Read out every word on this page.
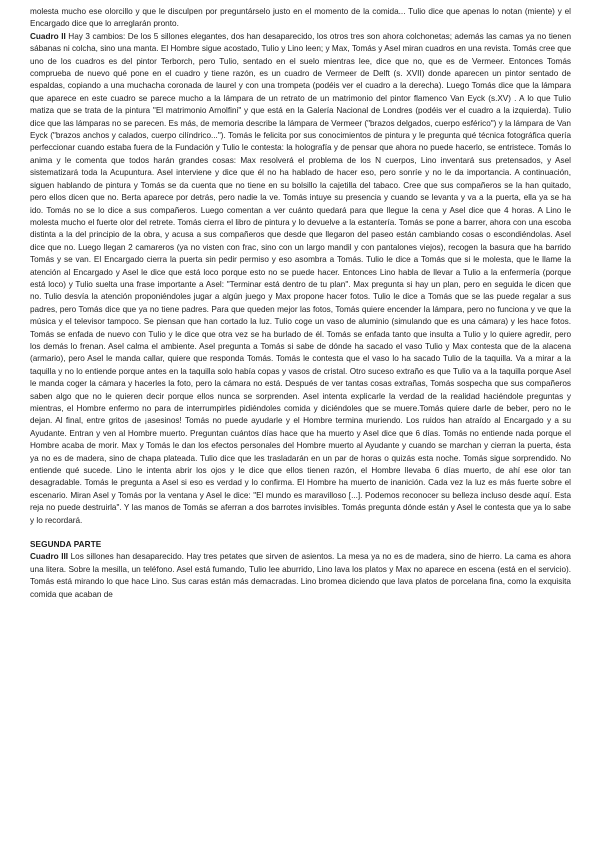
molesta mucho ese olorcillo y que le disculpen por preguntárselo justo en el momento de la comida... Tulio dice que apenas lo notan (miente) y el Encargado dice que lo arreglarán pronto.

Cuadro II Hay 3 cambios: De los 5 sillones elegantes, dos han desaparecido, los otros tres son ahora colchonetas; además las camas ya no tienen sábanas ni colcha, sino una manta. El Hombre sigue acostado, Tulio y Lino leen; y Max, Tomás y Asel miran cuadros en una revista. Tomás cree que uno de los cuadros es del pintor Terborch, pero Tulio, sentado en el suelo mientras lee, dice que no, que es de Vermeer. Entonces Tomás comprueba de nuevo qué pone en el cuadro y tiene razón, es un cuadro de Vermeer de Delft (s. XVII) donde aparecen un pintor sentado de espaldas, copiando a una muchacha coronada de laurel y con una trompeta (podéis ver el cuadro a la derecha). Luego Tomás dice que la lámpara que aparece en este cuadro se parece mucho a la lámpara de un retrato de un matrimonio del pintor flamenco Van Eyck (s.XV) . A lo que Tulio matiza que se trata de la pintura "El matrimonio Arnolfini" y que está en la Galería Nacional de Londres (podéis ver el cuadro a la izquierda). Tulio dice que las lámparas no se parecen. Es más, de memoria describe la lámpara de Vermeer ("brazos delgados, cuerpo esférico") y la lámpara de Van Eyck ("brazos anchos y calados, cuerpo cilíndrico..."). Tomás le felicita por sus conocimientos de pintura y le pregunta qué técnica fotográfica quería perfeccionar cuando estaba fuera de la Fundación y Tulio le contesta: la holografía y de pensar que ahora no puede hacerlo, se entristece. Tomás lo anima y le comenta que todos harán grandes cosas: Max resolverá el problema de los N cuerpos, Lino inventará sus pretensados, y Asel sistematizará toda la Acupuntura. Asel interviene y dice que él no ha hablado de hacer eso, pero sonríe y no le da importancia. A continuación, siguen hablando de pintura y Tomás se da cuenta que no tiene en su bolsillo la cajetilla del tabaco. Cree que sus compañeros se la han quitado, pero ellos dicen que no. Berta aparece por detrás, pero nadie la ve. Tomás intuye su presencia y cuando se levanta y va a la puerta, ella ya se ha ido. Tomás no se lo dice a sus compañeros. Luego comentan a ver cuánto quedará para que llegue la cena y Asel dice que 4 horas. A Lino le molesta mucho el fuerte olor del retrete. Tomás cierra el libro de pintura y lo devuelve a la estantería. Tomás se pone a barrer, ahora con una escoba distinta a la del principio de la obra, y acusa a sus compañeros que desde que llegaron del paseo están cambiando cosas o escondiéndolas. Asel dice que no. Luego llegan 2 camareros (ya no visten con frac, sino con un largo mandil y con pantalones viejos), recogen la basura que ha barrido Tomás y se van. El Encargado cierra la puerta sin pedir permiso y eso asombra a Tomás. Tulio le dice a Tomás que si le molesta, que le llame la atención al Encargado y Asel le dice que está loco porque esto no se puede hacer. Entonces Lino habla de llevar a Tulio a la enfermería (porque está loco) y Tulio suelta una frase importante a Asel: "Terminar está dentro de tu plan". Max pregunta si hay un plan, pero en seguida le dicen que no. Tulio desvía la atención proponiéndoles jugar a algún juego y Max propone hacer fotos. Tulio le dice a Tomás que se las puede regalar a sus padres, pero Tomás dice que ya no tiene padres. Para que queden mejor las fotos, Tomás quiere encender la lámpara, pero no funciona y ve que la música y el televisor tampoco. Se piensan que han cortado la luz. Tulio coge un vaso de aluminio (simulando que es una cámara) y les hace fotos. Tomás se enfada de nuevo con Tulio y le dice que otra vez se ha burlado de él. Tomás se enfada tanto que insulta a Tulio y lo quiere agredir, pero los demás lo frenan. Asel calma el ambiente. Asel pregunta a Tomás si sabe de dónde ha sacado el vaso Tulio y Max contesta que de la alacena (armario), pero Asel le manda callar, quiere que responda Tomás. Tomás le contesta que el vaso lo ha sacado Tulio de la taquilla. Va a mirar a la taquilla y no lo entiende porque antes en la taquilla solo había copas y vasos de cristal. Otro suceso extraño es que Tulio va a la taquilla porque Asel le manda coger la cámara y hacerles la foto, pero la cámara no está. Después de ver tantas cosas extrañas, Tomás sospecha que sus compañeros saben algo que no le quieren decir porque ellos nunca se sorprenden. Asel intenta explicarle la verdad de la realidad haciéndole preguntas y mientras, el Hombre enfermo no para de interrumpirles pidiéndoles comida y diciéndoles que se muere.Tomás quiere darle de beber, pero no le dejan. Al final, entre gritos de ¡asesinos! Tomás no puede ayudarle y el Hombre termina muriendo. Los ruidos han atraído al Encargado y a su Ayudante. Entran y ven al Hombre muerto. Preguntan cuántos días hace que ha muerto y Asel dice que 6 días. Tomás no entiende nada porque el Hombre acaba de morir. Max y Tomás le dan los efectos personales del Hombre muerto al Ayudante y cuando se marchan y cierran la puerta, ésta ya no es de madera, sino de chapa plateada. Tulio dice que les trasladarán en un par de horas o quizás esta noche. Tomás sigue sorprendido. No entiende qué sucede. Lino le intenta abrir los ojos y le dice que ellos tienen razón, el Hombre llevaba 6 días muerto, de ahí ese olor tan desagradable. Tomás le pregunta a Asel si eso es verdad y lo confirma. El Hombre ha muerto de inanición. Cada vez la luz es más fuerte sobre el escenario. Miran Asel y Tomás por la ventana y Asel le dice: "El mundo es maravilloso [...]. Podemos reconocer su belleza incluso desde aquí. Esta reja no puede destruirla". Y las manos de Tomás se aferran a dos barrotes invisibles. Tomás pregunta dónde están y Asel le contesta que ya lo sabe y lo recordará.

SEGUNDA PARTE

Cuadro III Los sillones han desaparecido. Hay tres petates que sirven de asientos. La mesa ya no es de madera, sino de hierro. La cama es ahora una litera. Sobre la mesilla, un teléfono. Asel está fumando, Tulio lee aburrido, Lino lava los platos y Max no aparece en escena (está en el servicio). Tomás está mirando lo que hace Lino. Sus caras están más demacradas. Lino bromea diciendo que lava platos de porcelana fina, como la exquisita comida que acaban de
